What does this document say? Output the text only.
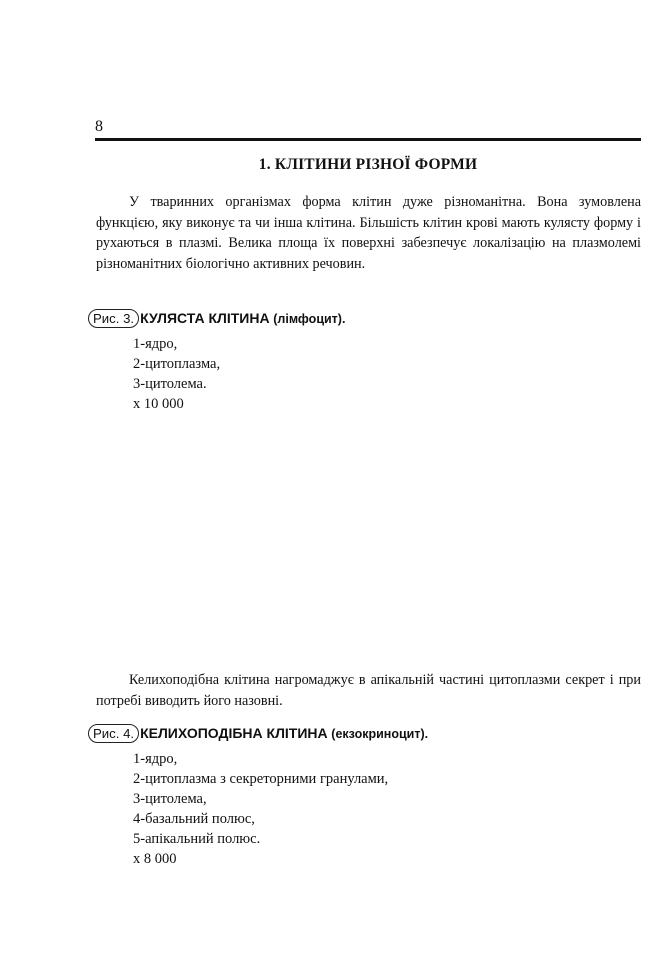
8
1. КЛІТИНИ РІЗНОЇ ФОРМИ

У тваринних організмах форма клітин дуже різноманітна. Вона зумовлена функцією, яку виконує та чи інша клітина. Більшість клітин крові мають кулясту форму і рухаються в плазмі. Велика площа їх поверхні забезпечує локалізацію на плазмолемі різноманітних біологічно активних речовин.

Рис. 3. КУЛЯСТА КЛІТИНА (лімфоцит).
1-ядро,
2-цитоплазма,
3-цитолема.
х 10 000

Келихоподібна клітина нагромаджує в апікальній частині цитоплазми секрет і при потребі виводить його назовні.

Рис. 4. КЕЛИХОПОДІБНА КЛІТИНА (екзокриноцит).
1-ядро,
2-цитоплазма з секреторними гранулами,
3-цитолема,
4-базальний полюс,
5-апікальний полюс.
х 8 000
